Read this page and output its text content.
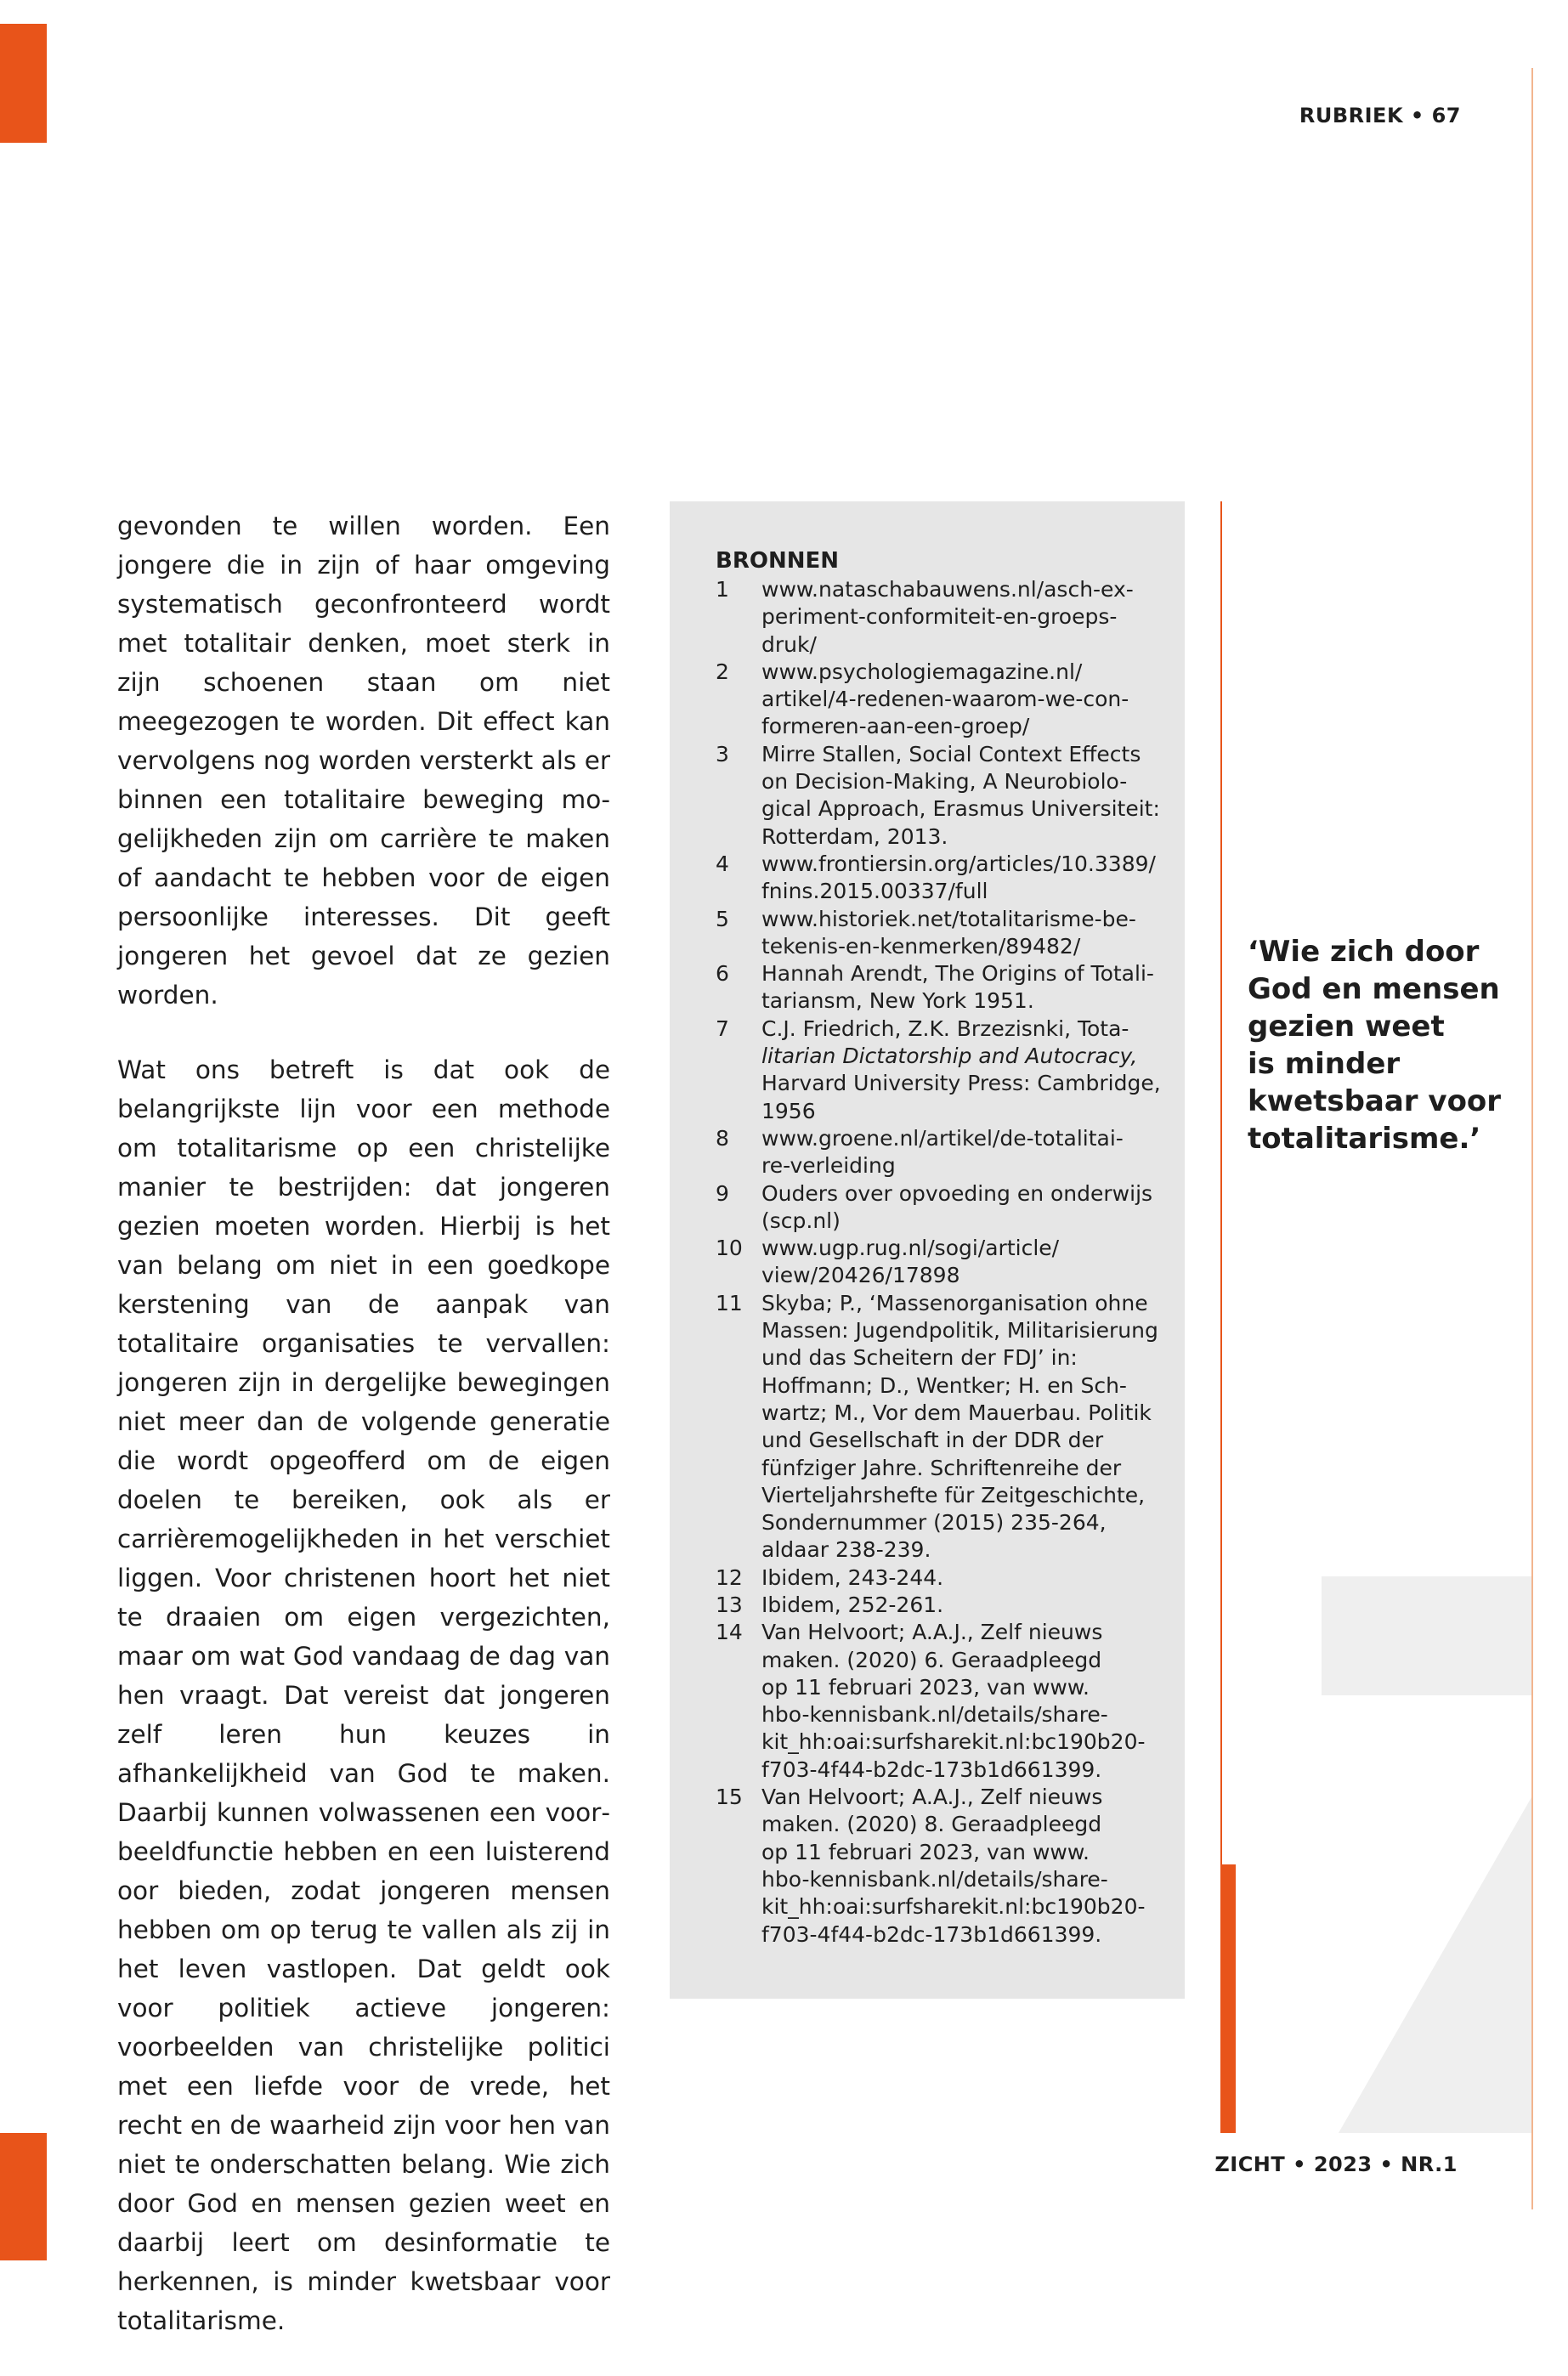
RUBRIEK • 67

gevonden te willen worden. Een jongere die in zijn of haar omgeving systematisch geconfronteerd wordt met totalitair denken, moet sterk in zijn schoenen staan om niet meegezogen te worden. Dit effect kan vervolgens nog worden versterkt als er binnen een totalitaire beweging mogelijkheden zijn om carrière te maken of aandacht te hebben voor de eigen persoonlijke interesses. Dit geeft jongeren het gevoel dat ze gezien worden.

Wat ons betreft is dat ook de belangrijkste lijn voor een methode om totalitarisme op een christelijke manier te bestrijden: dat jongeren gezien moeten worden. Hierbij is het van belang om niet in een goedkope kerstening van de aanpak van totalitaire organisaties te vervallen: jongeren zijn in dergelijke bewegingen niet meer dan de volgende generatie die wordt opgeofferd om de eigen doelen te bereiken, ook als er carrièremogelijkheden in het verschiet liggen. Voor christenen hoort het niet te draaien om eigen vergezichten, maar om wat God vandaag de dag van hen vraagt. Dat vereist dat jongeren zelf leren hun keuzes in afhankelijkheid van God te maken. Daarbij kunnen volwassenen een voorbeeldfunctie hebben en een luisterend oor bieden, zodat jongeren mensen hebben om op terug te vallen als zij in het leven vastlopen. Dat geldt ook voor politiek actieve jongeren: voorbeelden van christelijke politici met een liefde voor de vrede, het recht en de waarheid zijn voor hen van niet te onderschatten belang. Wie zich door God en mensen gezien weet en daarbij leert om desinformatie te herkennen, is minder kwetsbaar voor totalitarisme.

BRONNEN
1	www.nataschabauwens.nl/asch-ex-
periment-conformiteit-en-groeps-
druk/
2	www.psychologiemagazine.nl/
artikel/4-redenen-waarom-we-con-
formeren-aan-een-groep/
3	Mirre Stallen, Social Context Effects
on Decision-Making, A Neurobiolo-
gical Approach, Erasmus Universiteit:
Rotterdam, 2013.
4	www.frontiersin.org/articles/10.3389/
fnins.2015.00337/full
5	www.historiek.net/totalitarisme-be-
tekenis-en-kenmerken/89482/
6	Hannah Arendt, The Origins of Totali-
tariansm, New York 1951.
7	C.J. Friedrich, Z.K. Brzezisnki, Tota-
litarian Dictatorship and Autocracy,
Harvard University Press: Cambridge,
1956
8	www.groene.nl/artikel/de-totalitai-
re-verleiding
9	Ouders over opvoeding en onderwijs
(scp.nl)
10 www.ugp.rug.nl/sogi/article/
view/20426/17898
11 Skyba; P., ‘Massenorganisation ohne
Massen: Jugendpolitik, Militarisierung
und das Scheitern der FDJ’ in:
Hoffmann; D., Wentker; H. en Sch-
wartz; M., Vor dem Mauerbau. Politik
und Gesellschaft in der DDR der
fünfziger Jahre. Schriftenreihe der
Vierteljahrshefte für Zeitgeschichte,
Sondernummer (2015) 235-264,
aldaar 238-239.
12 Ibidem, 243-244.
13 Ibidem, 252-261.
14 Van Helvoort; A.A.J., Zelf nieuws
maken. (2020) 6. Geraadpleegd
op 11 februari 2023, van www.
hbo-kennisbank.nl/details/share-
kit_hh:oai:surfsharekit.nl:bc190b20-
f703-4f44-b2dc-173b1d661399.
15 Van Helvoort; A.A.J., Zelf nieuws
maken. (2020) 8. Geraadpleegd
op 11 februari 2023, van www.
hbo-kennisbank.nl/details/share-
kit_hh:oai:surfsharekit.nl:bc190b20-
f703-4f44-b2dc-173b1d661399.
‘Wie zich door
God en mensen
gezien weet
is minder
kwetsbaar voor
totalitarisme.’
ZICHT • 2023 • NR.1
